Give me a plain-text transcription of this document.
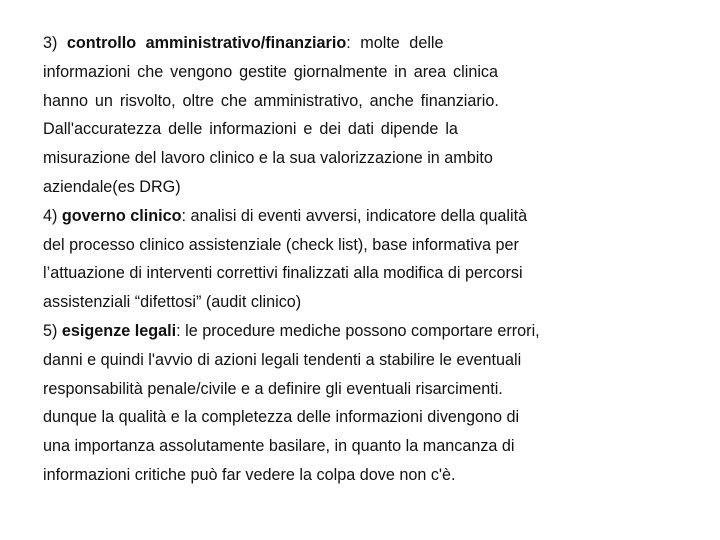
3) controllo amministrativo/finanziario: molte delle
informazioni che vengono gestite giornalmente in area clinica
hanno un risvolto, oltre che amministrativo, anche finanziario.
Dall'accuratezza delle informazioni e dei dati dipende la
misurazione del lavoro clinico e la sua valorizzazione in ambito
aziendale(es DRG)
4) governo clinico: analisi di eventi avversi, indicatore della qualità
del processo clinico assistenziale (check list), base informativa per
l’attuazione di interventi correttivi finalizzati alla modifica di percorsi
assistenziali “difettosi” (audit clinico)
5) esigenze legali: le procedure mediche possono comportare errori,
danni e quindi l'avvio di azioni legali tendenti a stabilire le eventuali
responsabilità penale/civile e a definire gli eventuali risarcimenti.
dunque la qualità e la completezza delle informazioni divengono di
una importanza assolutamente basilare, in quanto la mancanza di
informazioni critiche può far vedere la colpa dove non c'è.
